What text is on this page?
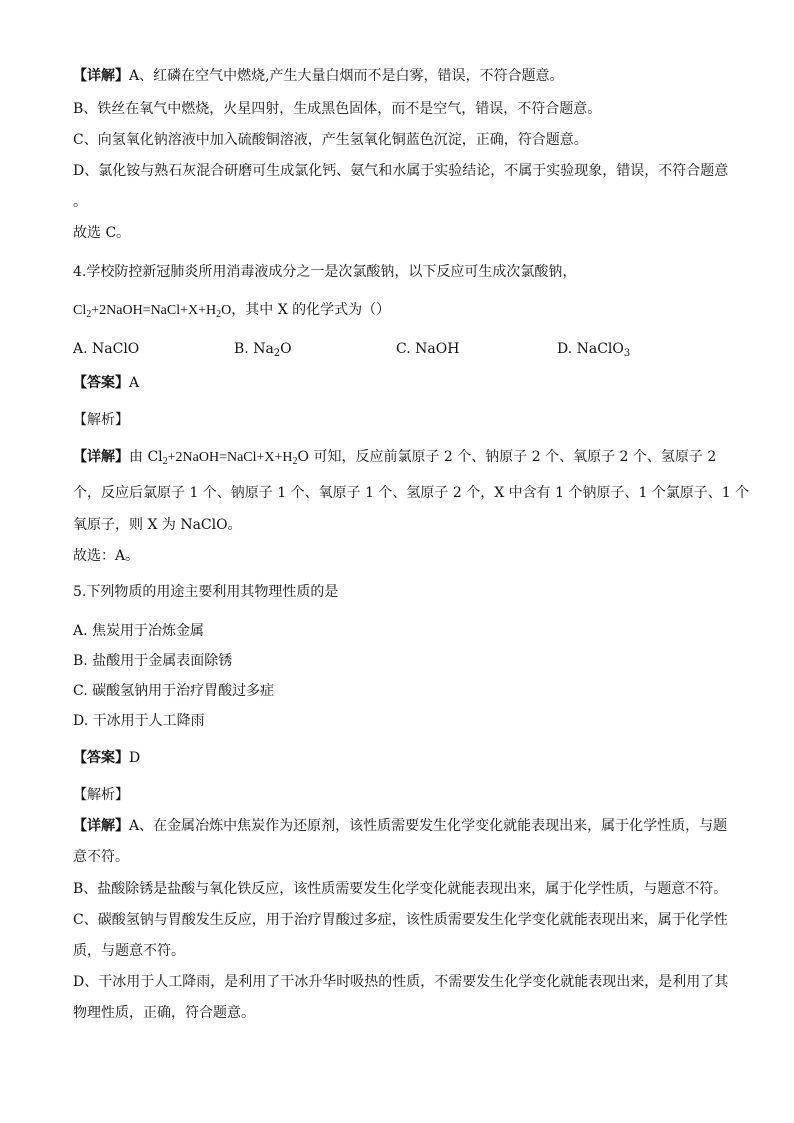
【详解】A、红磷在空气中燃烧,产生大量白烟而不是白雾，错误，不符合题意。
B、铁丝在氧气中燃烧，火星四射，生成黑色固体，而不是空气，错误，不符合题意。
C、向氢氧化钠溶液中加入硫酸铜溶液，产生氢氧化铜蓝色沉淀，正确，符合题意。
D、氯化铵与熟石灰混合研磨可生成氯化钙、氨气和水属于实验结论，不属于实验现象，错误，不符合题意
。
故选 C。
4.学校防控新冠肺炎所用消毒液成分之一是次氯酸钠，以下反应可生成次氯酸钠，
$Cl_2+2NaOH=NaCl+X+H_2O$，其中 X 的化学式为（）
A. NaClO	B. $Na_2O$	C. NaOH	D. NaClO$_3$
【答案】A
【解析】
【详解】由 $Cl_2+2NaOH=NaCl+X+H_2O$ 可知，反应前氯原子 2 个、钠原子 2 个、氧原子 2 个、氢原子 2
个，反应后氯原子 1 个、钠原子 1 个、氧原子 1 个、氢原子 2 个，X 中含有 1 个钠原子、1 个氯原子、1 个
氧原子，则 X 为 NaClO。
故选：A。
5.下列物质的用途主要利用其物理性质的是
A. 焦炭用于冶炼金属
B. 盐酸用于金属表面除锈
C. 碳酸氢钠用于治疗胃酸过多症
D. 干冰用于人工降雨
【答案】D
【解析】
【详解】A、在金属冶炼中焦炭作为还原剂，该性质需要发生化学变化就能表现出来，属于化学性质，与题
意不符。
B、盐酸除锈是盐酸与氧化铁反应，该性质需要发生化学变化就能表现出来，属于化学性质，与题意不符。
C、碳酸氢钠与胃酸发生反应，用于治疗胃酸过多症，该性质需要发生化学变化就能表现出来，属于化学性
质，与题意不符。
D、干冰用于人工降雨，是利用了干冰升华时吸热的性质，不需要发生化学变化就能表现出来，是利用了其
物理性质，正确，符合题意。
